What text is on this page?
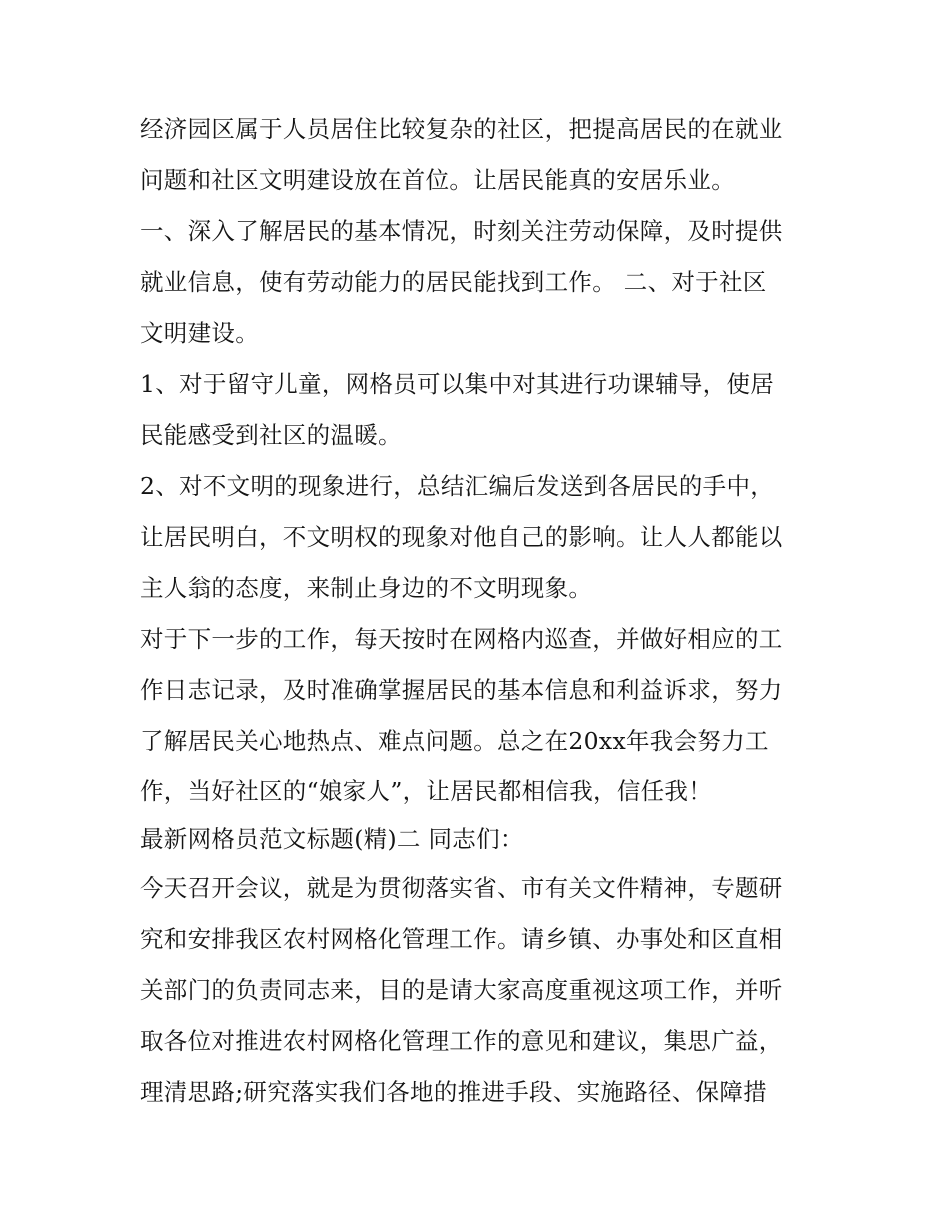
经济园区属于人员居住比较复杂的社区，把提高居民的在就业
问题和社区文明建设放在首位。让居民能真的安居乐业。
一、深入了解居民的基本情况，时刻关注劳动保障，及时提供
就业信息，使有劳动能力的居民能找到工作。 二、对于社区
文明建设。
1、对于留守儿童，网格员可以集中对其进行功课辅导，使居
民能感受到社区的温暖。
2、对不文明的现象进行，总结汇编后发送到各居民的手中，
让居民明白，不文明权的现象对他自己的影响。让人人都能以
主人翁的态度，来制止身边的不文明现象。
对于下一步的工作，每天按时在网格内巡查，并做好相应的工
作日志记录，及时准确掌握居民的基本信息和利益诉求，努力
了解居民关心地热点、难点问题。总之在20xx年我会努力工
作，当好社区的“娘家人”，让居民都相信我，信任我！
最新网格员范文标题(精)二 同志们：
今天召开会议，就是为贯彻落实省、市有关文件精神，专题研
究和安排我区农村网格化管理工作。请乡镇、办事处和区直相
关部门的负责同志来，目的是请大家高度重视这项工作，并听
取各位对推进农村网格化管理工作的意见和建议，集思广益，
理清思路;研究落实我们各地的推进手段、实施路径、保障措
